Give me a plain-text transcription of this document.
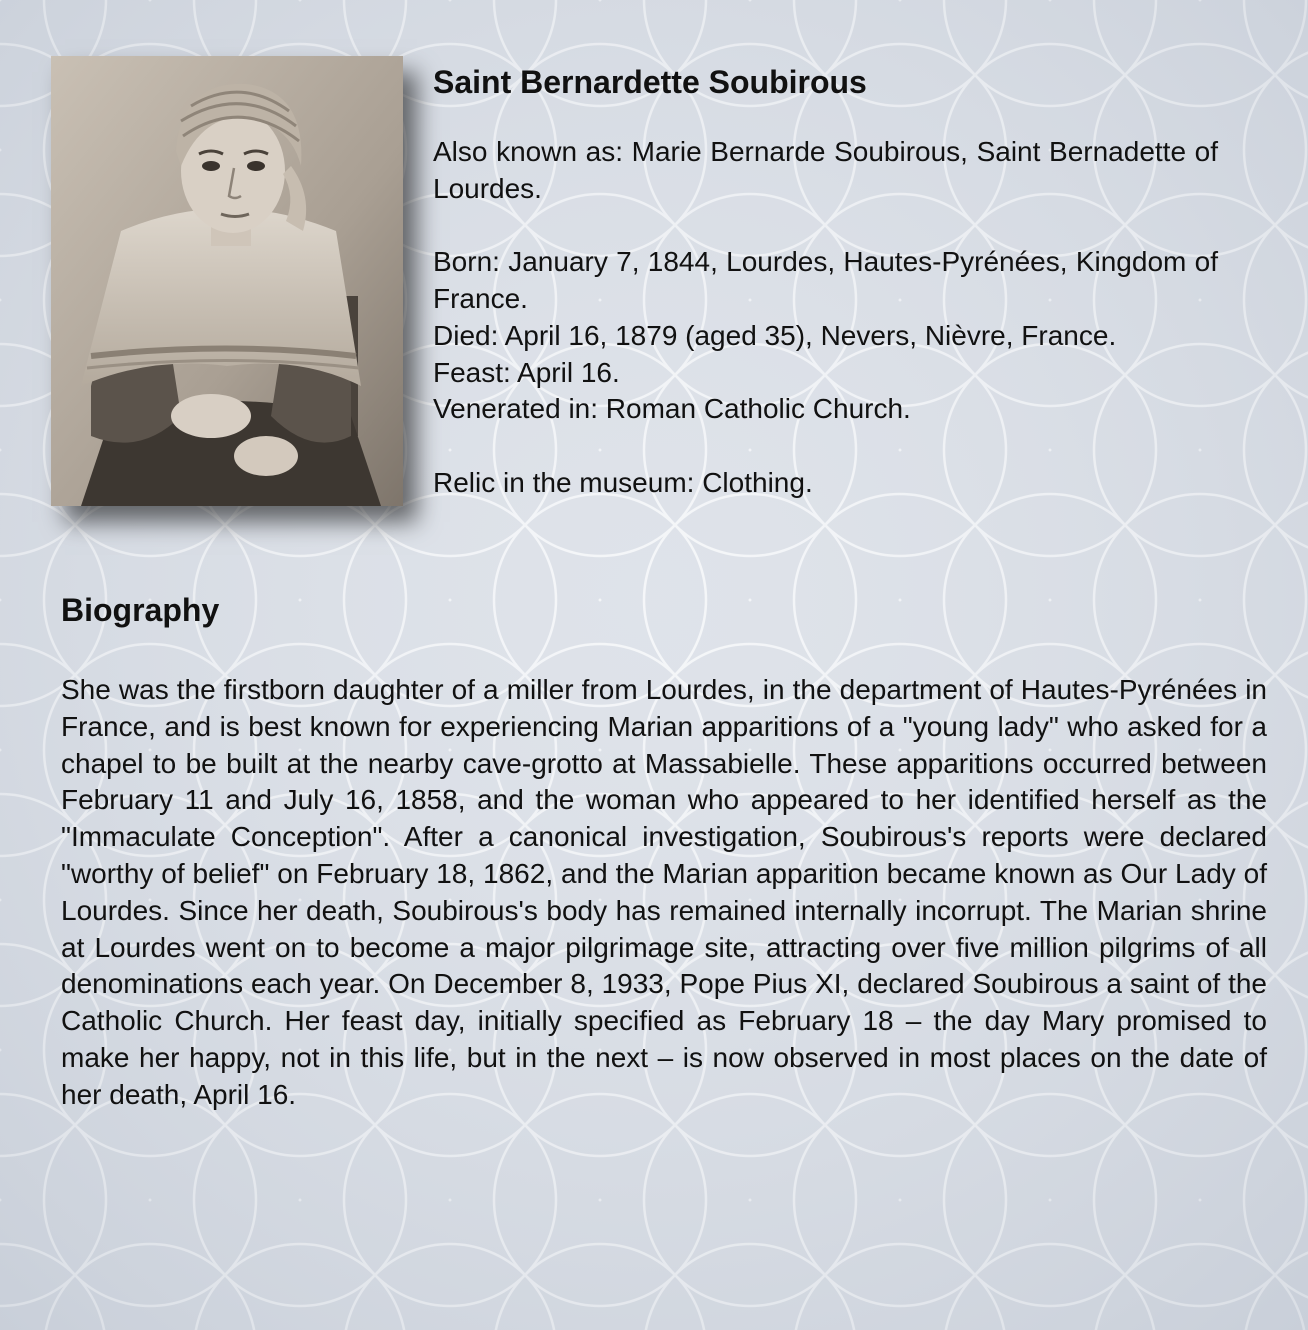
Saint Bernardette Soubirous

Also known as: Marie Bernarde Soubirous, Saint Bernadette of Lourdes.

Born: January 7, 1844, Lourdes, Hautes-Pyrénées, Kingdom of France.

Died: April 16, 1879 (aged 35), Nevers, Nièvre, France.

Feast: April 16.

Venerated in: Roman Catholic Church.

Relic in the museum: Clothing.

Biography

She was the firstborn daughter of a miller from Lourdes, in the department of Hautes-Pyrénées in France, and is best known for experiencing Marian apparitions of a "young lady" who asked for a chapel to be built at the nearby cave-grotto at Massabielle. These apparitions occurred between February 11 and July 16, 1858, and the woman who appeared to her identified herself as the "Immaculate Conception". After a canonical investigation, Soubirous's reports were declared "worthy of belief" on February 18, 1862, and the Marian apparition became known as Our Lady of Lourdes. Since her death, Soubirous's body has remained internally incorrupt. The Marian shrine at Lourdes went on to become a major pilgrimage site, attracting over five million pilgrims of all denominations each year. On December 8, 1933, Pope Pius XI, declared Soubirous a saint of the Catholic Church. Her feast day, initially specified as February 18 – the day Mary promised to make her happy, not in this life, but in the next – is now observed in most places on the date of her death, April 16.
